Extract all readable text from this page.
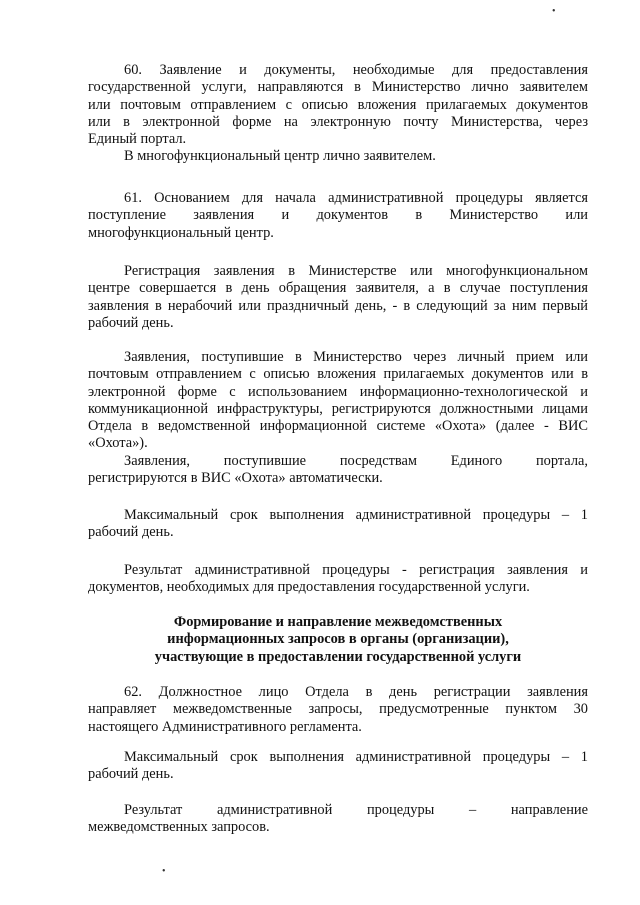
60. Заявление и документы, необходимые для предоставления
государственной услуги, направляются в Министерство лично заявителем
или почтовым отправлением с описью вложения прилагаемых документов
или в электронной форме на электронную почту Министерства, через
Единый портал.
В многофункциональный центр лично заявителем.
61. Основанием для начала административной процедуры является
поступление заявления и документов в Министерство или
многофункциональный центр.
Регистрация заявления в Министерстве или многофункциональном
центре совершается в день обращения заявителя, а в случае поступления
заявления в нерабочий или праздничный день, - в следующий за ним первый
рабочий день.
Заявления, поступившие в Министерство через личный прием или
почтовым отправлением с описью вложения прилагаемых документов или в
электронной форме с использованием информационно-технологической и
коммуникационной инфраструктуры, регистрируются должностными лицами
Отдела в ведомственной информационной системе «Охота» (далее - ВИС
«Охота»).
Заявления, поступившие посредствам Единого портала,
регистрируются в ВИС «Охота» автоматически.
Максимальный срок выполнения административной процедуры – 1
рабочий день.
Результат административной процедуры - регистрация заявления и
документов, необходимых для предоставления государственной услуги.
Формирование и направление межведомственных
информационных запросов в органы (организации),
участвующие в предоставлении государственной услуги
62. Должностное лицо Отдела в день регистрации заявления
направляет межведомственные запросы, предусмотренные пунктом 30
настоящего Административного регламента.
Максимальный срок выполнения административной процедуры – 1
рабочий день.
Результат административной процедуры – направление
межведомственных запросов.
•
•
